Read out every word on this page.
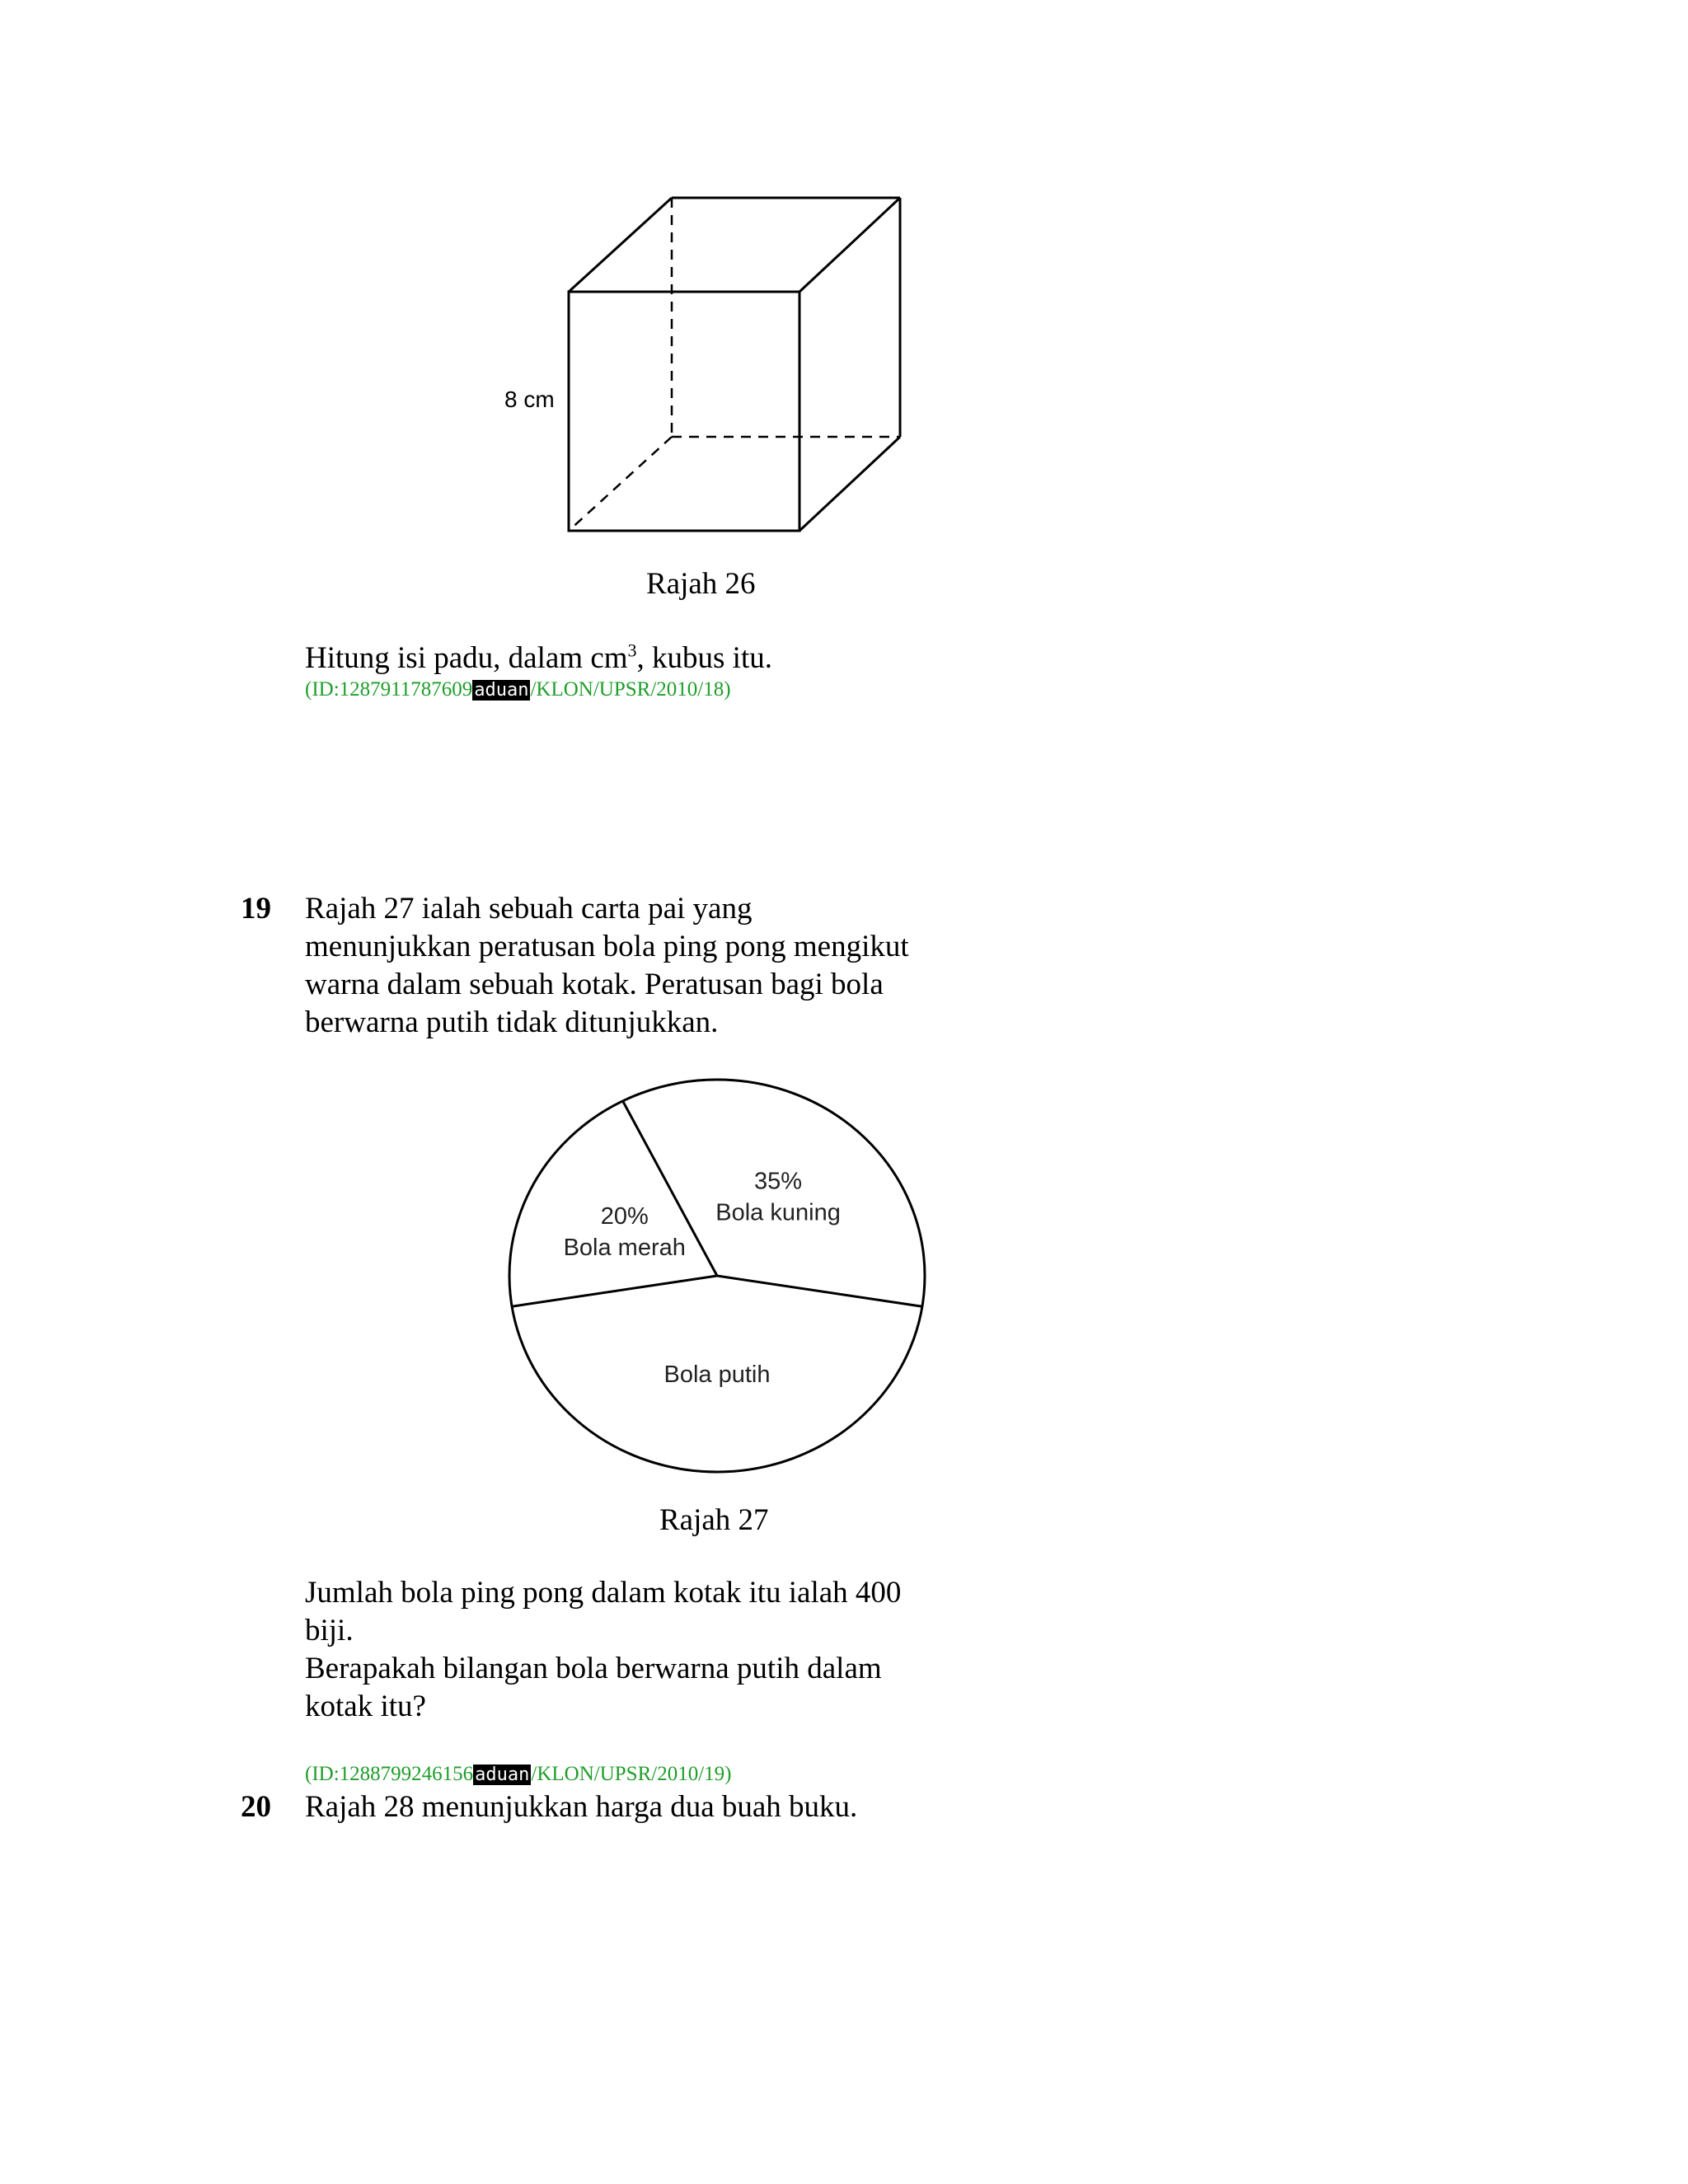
8 cm
Rajah 26
Hitung isi padu, dalam $cm^3$, kubus itu.
(ID:1287911787609aduan/KLON/UPSR/2010/18)
19 Rajah 27 ialah sebuah carta pai yang
menunjukkan peratusan bola ping pong mengikut
warna dalam sebuah kotak. Peratusan bagi bola
berwarna putih tidak ditunjukkan.
20%
Bola merah
35%
Bola kuning
Bola putih
Rajah 27
Jumlah bola ping pong dalam kotak itu ialah 400
biji.
Berapakah bilangan bola berwarna putih dalam
kotak itu?
(ID:1288799246156aduan/KLON/UPSR/2010/19)
20 Rajah 28 menunjukkan harga dua buah buku.
